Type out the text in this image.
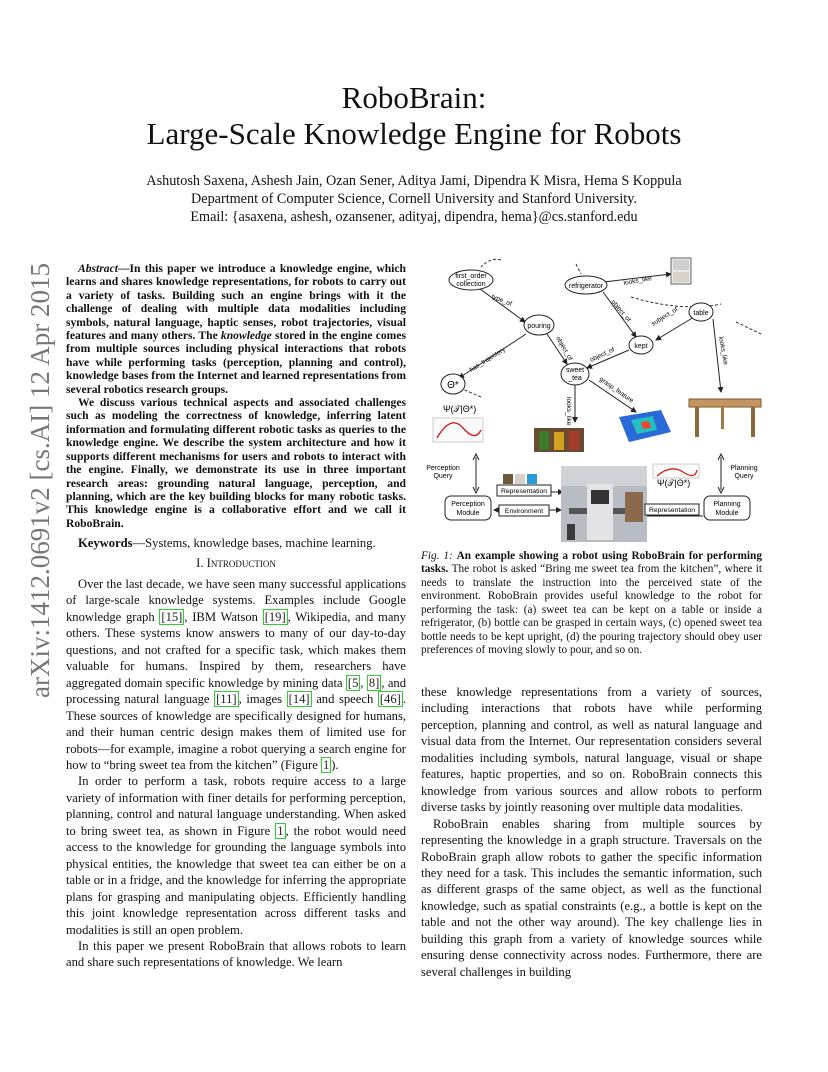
arXiv:1412.0691v2 [cs.AI] 12 Apr 2015
RoboBrain:
Large-Scale Knowledge Engine for Robots
Ashutosh Saxena, Ashesh Jain, Ozan Sener, Aditya Jami, Dipendra K Misra, Hema S Koppula
Department of Computer Science, Cornell University and Stanford University.
Email: {asaxena, ashesh, ozansener, adityaj, dipendra, hema}@cs.stanford.edu

Abstract—In this paper we introduce a knowledge engine, which learns and shares knowledge representations, for robots to carry out a variety of tasks. Building such an engine brings with it the challenge of dealing with multiple data modalities including symbols, natural language, haptic senses, robot trajectories, visual features and many others. The knowledge stored in the engine comes from multiple sources including physical interactions that robots have while performing tasks (perception, planning and control), knowledge bases from the Internet and learned representations from several robotics research groups.

We discuss various technical aspects and associated challenges such as modeling the correctness of knowledge, inferring latent information and formulating different robotic tasks as queries to the knowledge engine. We describe the system architecture and how it supports different mechanisms for users and robots to interact with the engine. Finally, we demonstrate its use in three important research areas: grounding natural language, perception, and planning, which are the key building blocks for many robotic tasks. This knowledge engine is a collaborative effort and we call it RoboBrain.

Keywords—Systems, knowledge bases, machine learning.
I. Introduction

Over the last decade, we have seen many successful applications of large-scale knowledge systems. Examples include Google knowledge graph [15] , IBM Watson [19] , Wikipedia, and many others. These systems know answers to many of our day-to-day questions, and not crafted for a specific task, which makes them valuable for humans. Inspired by them, researchers have aggregated domain specific knowledge by mining data [5 , 8] , and processing natural language [11] , images [14] and speech [46] . These sources of knowledge are specifically designed for humans, and their human centric design makes them of limited use for robots—for example, imagine a robot querying a search engine for how to “bring sweet tea from the kitchen” (Figure 1 ).

In order to perform a task, robots require access to a large variety of information with finer details for performing perception, planning, control and natural language understanding. When asked to bring sweet tea, as shown in Figure 1 , the robot would need access to the knowledge for grounding the language symbols into physical entities, the knowledge that sweet tea can either be on a table or in a fridge, and the knowledge for inferring the appropriate plans for grasping and manipulating objects. Efficiently handling this joint knowledge representation across different tasks and modalities is still an open problem.

In this paper we present RoboBrain that allows robots to learn and share such representations of knowledge. We learn

first_order
collection	refrigerator
pouring
table
kept
sweet
_tea
Θ*
type_of
looks_like
object_of	subject_of
has_trajectory	object_of object_of
grasp_feature
looks_like
looks_like
Ψ(𝒯|Θ*)
Perception
Query
Perception
Module
Representation
Environment
Ψ(𝒯|Θ*)
Representation
Planning
Query
Planning
Module
Fig. 1: An example showing a robot using RoboBrain for performing tasks. The robot is asked “Bring me sweet tea from the kitchen”, where it needs to translate the instruction into the perceived state of the environment. RoboBrain provides useful knowledge to the robot for performing the task: (a) sweet tea can be kept on a table or inside a refrigerator, (b) bottle can be grasped in certain ways, (c) opened sweet tea bottle needs to be kept upright, (d) the pouring trajectory should obey user preferences of moving slowly to pour, and so on.

these knowledge representations from a variety of sources, including interactions that robots have while performing perception, planning and control, as well as natural language and visual data from the Internet. Our representation considers several modalities including symbols, natural language, visual or shape features, haptic properties, and so on. RoboBrain connects this knowledge from various sources and allow robots to perform diverse tasks by jointly reasoning over multiple data modalities.

RoboBrain enables sharing from multiple sources by representing the knowledge in a graph structure. Traversals on the RoboBrain graph allow robots to gather the specific information they need for a task. This includes the semantic information, such as different grasps of the same object, as well as the functional knowledge, such as spatial constraints (e.g., a bottle is kept on the table and not the other way around). The key challenge lies in building this graph from a variety of knowledge sources while ensuring dense connectivity across nodes. Furthermore, there are several challenges in building
